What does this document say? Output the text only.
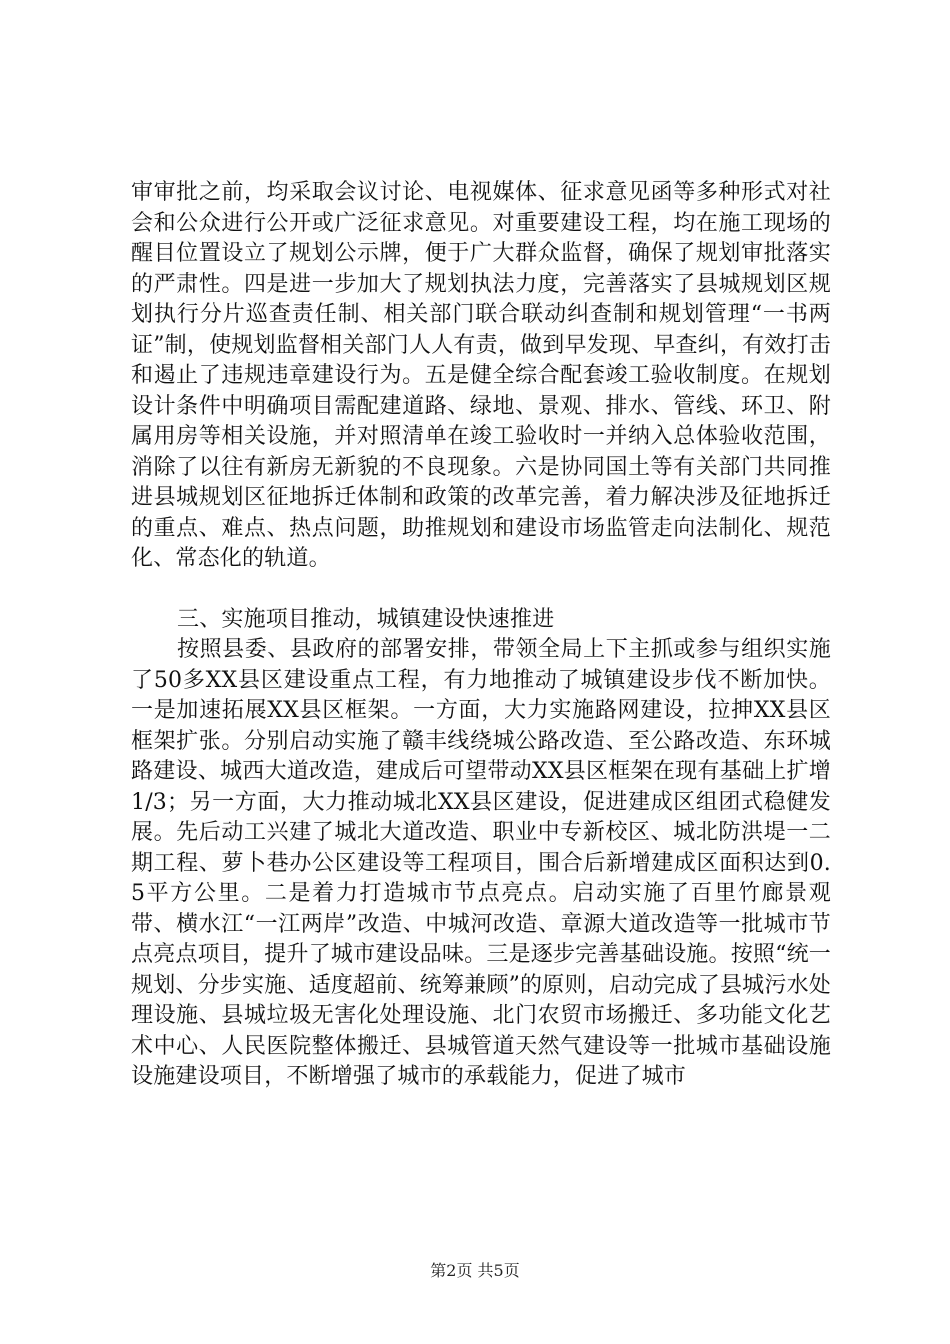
审审批之前，均采取会议讨论、电视媒体、征求意见函等多种形式对社会和公众进行公开或广泛征求意见。对重要建设工程，均在施工现场的醒目位置设立了规划公示牌，便于广大群众监督，确保了规划审批落实的严肃性。四是进一步加大了规划执法力度，完善落实了县城规划区规划执行分片巡查责任制、相关部门联合联动纠查制和规划管理“一书两证”制，使规划监督相关部门人人有责，做到早发现、早查纠，有效打击和遏止了违规违章建设行为。五是健全综合配套竣工验收制度。在规划设计条件中明确项目需配建道路、绿地、景观、排水、管线、环卫、附属用房等相关设施，并对照清单在竣工验收时一并纳入总体验收范围，消除了以往有新房无新貌的不良现象。六是协同国土等有关部门共同推进县城规划区征地拆迁体制和政策的改革完善，着力解决涉及征地拆迁的重点、难点、热点问题，助推规划和建设市场监管走向法制化、规范化、常态化的轨道。

三、实施项目推动，城镇建设快速推进

按照县委、县政府的部署安排，带领全局上下主抓或参与组织实施了50多XX县区建设重点工程，有力地推动了城镇建设步伐不断加快。一是加速拓展XX县区框架。一方面，大力实施路网建设，拉抻XX县区框架扩张。分别启动实施了赣丰线绕城公路改造、至公路改造、东环城路建设、城西大道改造，建成后可望带动XX县区框架在现有基础上扩增1/3；另一方面，大力推动城北XX县区建设，促进建成区组团式稳健发展。先后动工兴建了城北大道改造、职业中专新校区、城北防洪堤一二期工程、萝卜巷办公区建设等工程项目，围合后新增建成区面积达到0.5平方公里。二是着力打造城市节点亮点。启动实施了百里竹廊景观带、横水江“一江两岸”改造、中城河改造、章源大道改造等一批城市节点亮点项目，提升了城市建设品味。三是逐步完善基础设施。按照“统一规划、分步实施、适度超前、统筹兼顾”的原则，启动完成了县城污水处理设施、县城垃圾无害化处理设施、北门农贸市场搬迁、多功能文化艺术中心、人民医院整体搬迁、县城管道天然气建设等一批城市基础设施设施建设项目，不断增强了城市的承载能力，促进了城市

第2页 共5页
